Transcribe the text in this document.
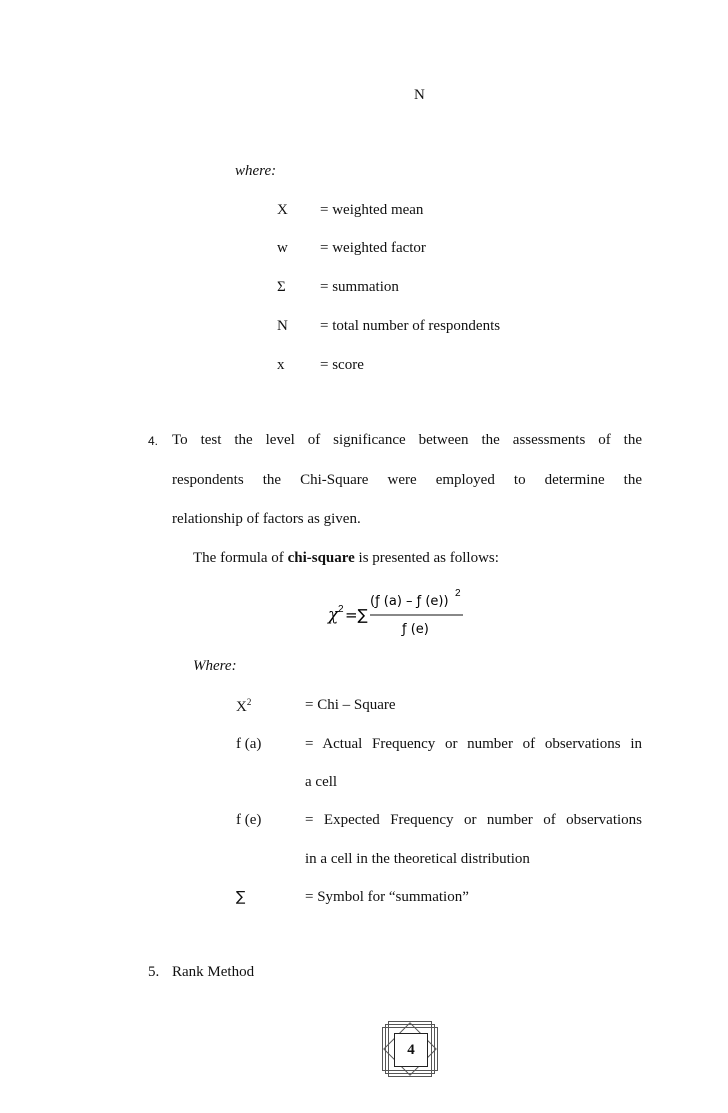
N
where:
X = weighted mean
w = weighted factor
Σ = summation
N = total number of respondents
x = score
4. To test the level of significance between the assessments of the
respondents the Chi-Square were employed to determine the
relationship of factors as given.
The formula of chi-square is presented as follows:
χ 2 =∑
(ƒ (a) – ƒ (e))
2
ƒ (e)
Where:
$X^2$	= Chi – Square
f (a)	= Actual Frequency or number of observations in
a cell
f (e)	= Expected Frequency or number of observations
in a cell in the theoretical distribution
∑	= Symbol for “summation”
5. Rank Method
4
